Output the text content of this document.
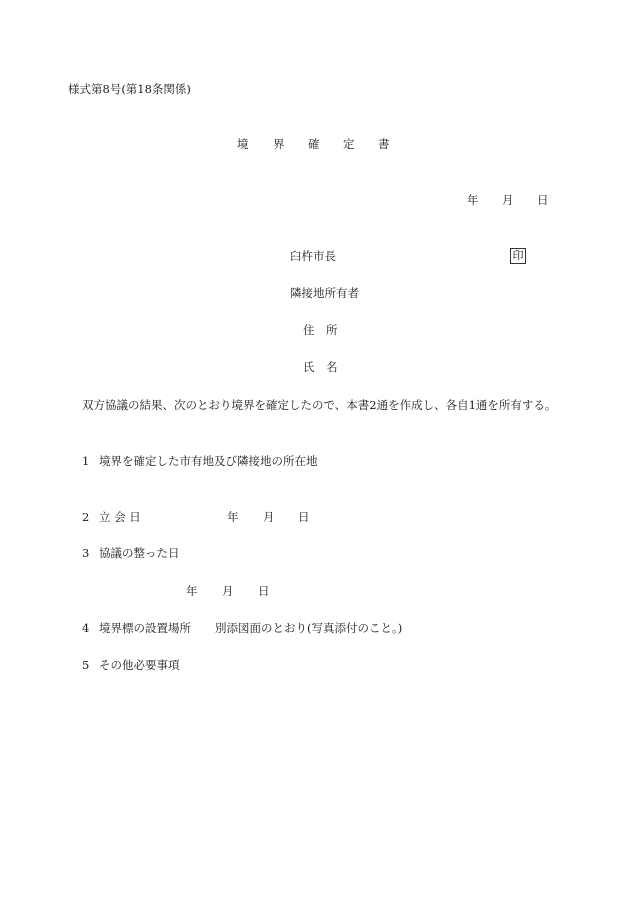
様式第8号(第18条関係)
境 界 確 定 書
年 月 日
臼杵市長	印
隣接地所有者
住 所
氏 名
双方協議の結果、次のとおり境界を確定したので、本書2通を作成し、各自1通を所有する。
1 境界を確定した市有地及び隣接地の所在地
2 立 会 日	年 月 日
3 協議の整った日
年 月 日
4 境界標の設置場所 別添図面のとおり(写真添付のこと。)
5 その他必要事項
